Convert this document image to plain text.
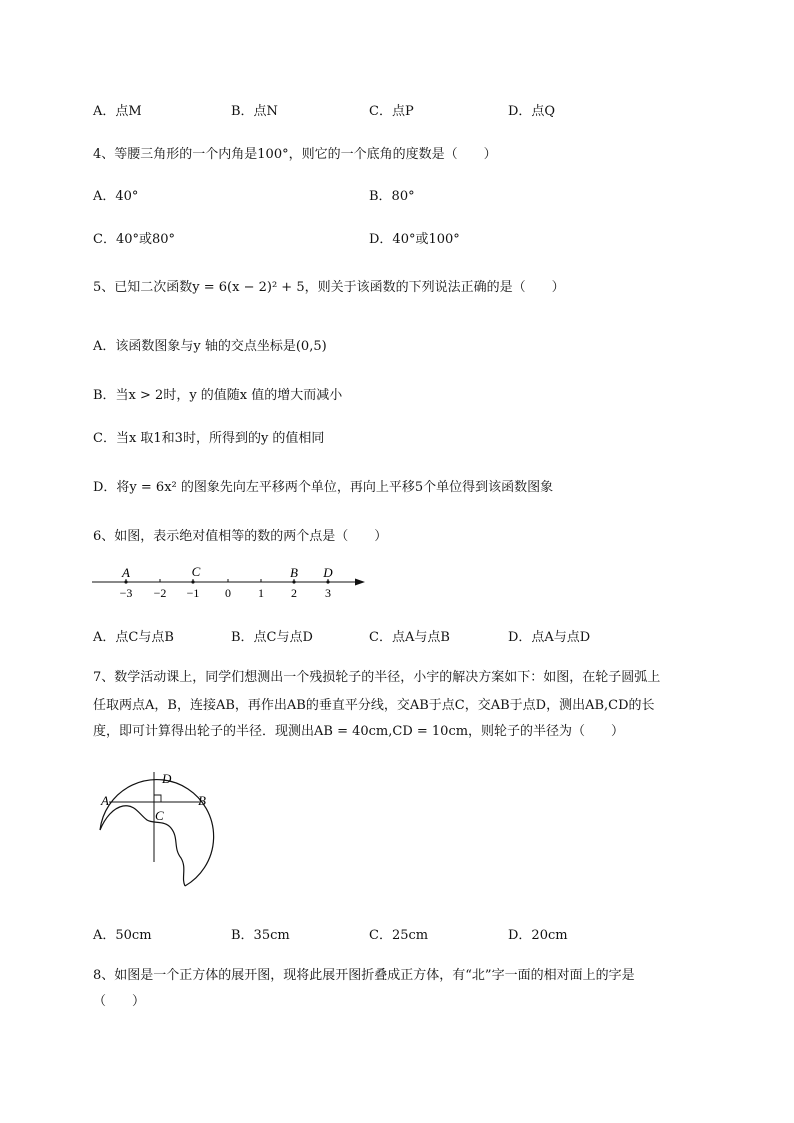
A．点M	B．点N	C．点P	D．点Q
4、等腰三角形的一个内角是100°，则它的一个底角的度数是（　　）
A．40°	B．80°
C．40°或80°	D．40°或100°
5、已知二次函数y = 6(x − 2)² + 5，则关于该函数的下列说法正确的是（　　）
A．该函数图象与y 轴的交点坐标是(0,5)
B．当x > 2时，y 的值随x 值的增大而减小
C．当x 取1和3时，所得到的y 的值相同
D．将y = 6x² 的图象先向左平移两个单位，再向上平移5个单位得到该函数图象
6、如图，表示绝对值相等的数的两个点是（　　）
A	C	B D
−3 −2 −1 0 1 2 3
A．点C与点B	B．点C与点D	C．点A与点B	D．点A与点D
7、数学活动课上，同学们想测出一个残损轮子的半径，小宇的解决方案如下：如图，在轮子圆弧上
任取两点A，B，连接AB，再作出AB的垂直平分线，交AB于点C，交AB于点D，测出AB,CD的长
度，即可计算得出轮子的半径．现测出AB = 40cm,CD = 10cm，则轮子的半径为（　　）
D
A	B
C
A．50cm	B．35cm	C．25cm	D．20cm
8、如图是一个正方体的展开图，现将此展开图折叠成正方体，有“北”字一面的相对面上的字是
（　　）
